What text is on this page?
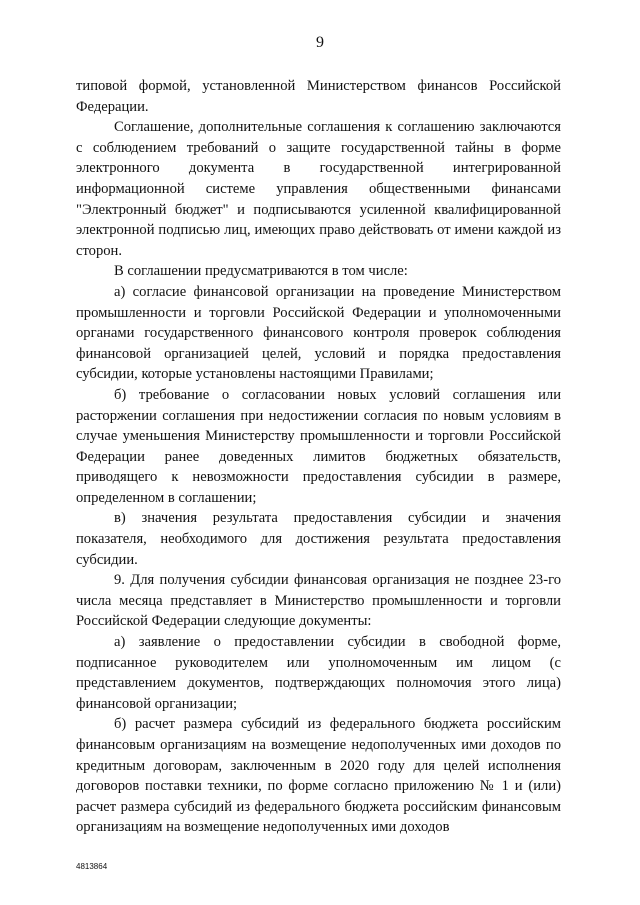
9

типовой формой, установленной Министерством финансов Российской Федерации.

Соглашение, дополнительные соглашения к соглашению заключаются с соблюдением требований о защите государственной тайны в форме электронного документа в государственной интегрированной информационной системе управления общественными финансами "Электронный бюджет" и подписываются усиленной квалифицированной электронной подписью лиц, имеющих право действовать от имени каждой из сторон.

В соглашении предусматриваются в том числе:

а) согласие финансовой организации на проведение Министерством промышленности и торговли Российской Федерации и уполномоченными органами государственного финансового контроля проверок соблюдения финансовой организацией целей, условий и порядка предоставления субсидии, которые установлены настоящими Правилами;

б) требование о согласовании новых условий соглашения или расторжении соглашения при недостижении согласия по новым условиям в случае уменьшения Министерству промышленности и торговли Российской Федерации ранее доведенных лимитов бюджетных обязательств, приводящего к невозможности предоставления субсидии в размере, определенном в соглашении;

в) значения результата предоставления субсидии и значения показателя, необходимого для достижения результата предоставления субсидии.

9. Для получения субсидии финансовая организация не позднее 23-го числа месяца представляет в Министерство промышленности и торговли Российской Федерации следующие документы:

а) заявление о предоставлении субсидии в свободной форме, подписанное руководителем или уполномоченным им лицом (с представлением документов, подтверждающих полномочия этого лица) финансовой организации;

б) расчет размера субсидий из федерального бюджета российским финансовым организациям на возмещение недополученных ими доходов по кредитным договорам, заключенным в 2020 году для целей исполнения договоров поставки техники, по форме согласно приложению № 1 и (или) расчет размера субсидий из федерального бюджета российским финансовым организациям на возмещение недополученных ими доходов

4813864
